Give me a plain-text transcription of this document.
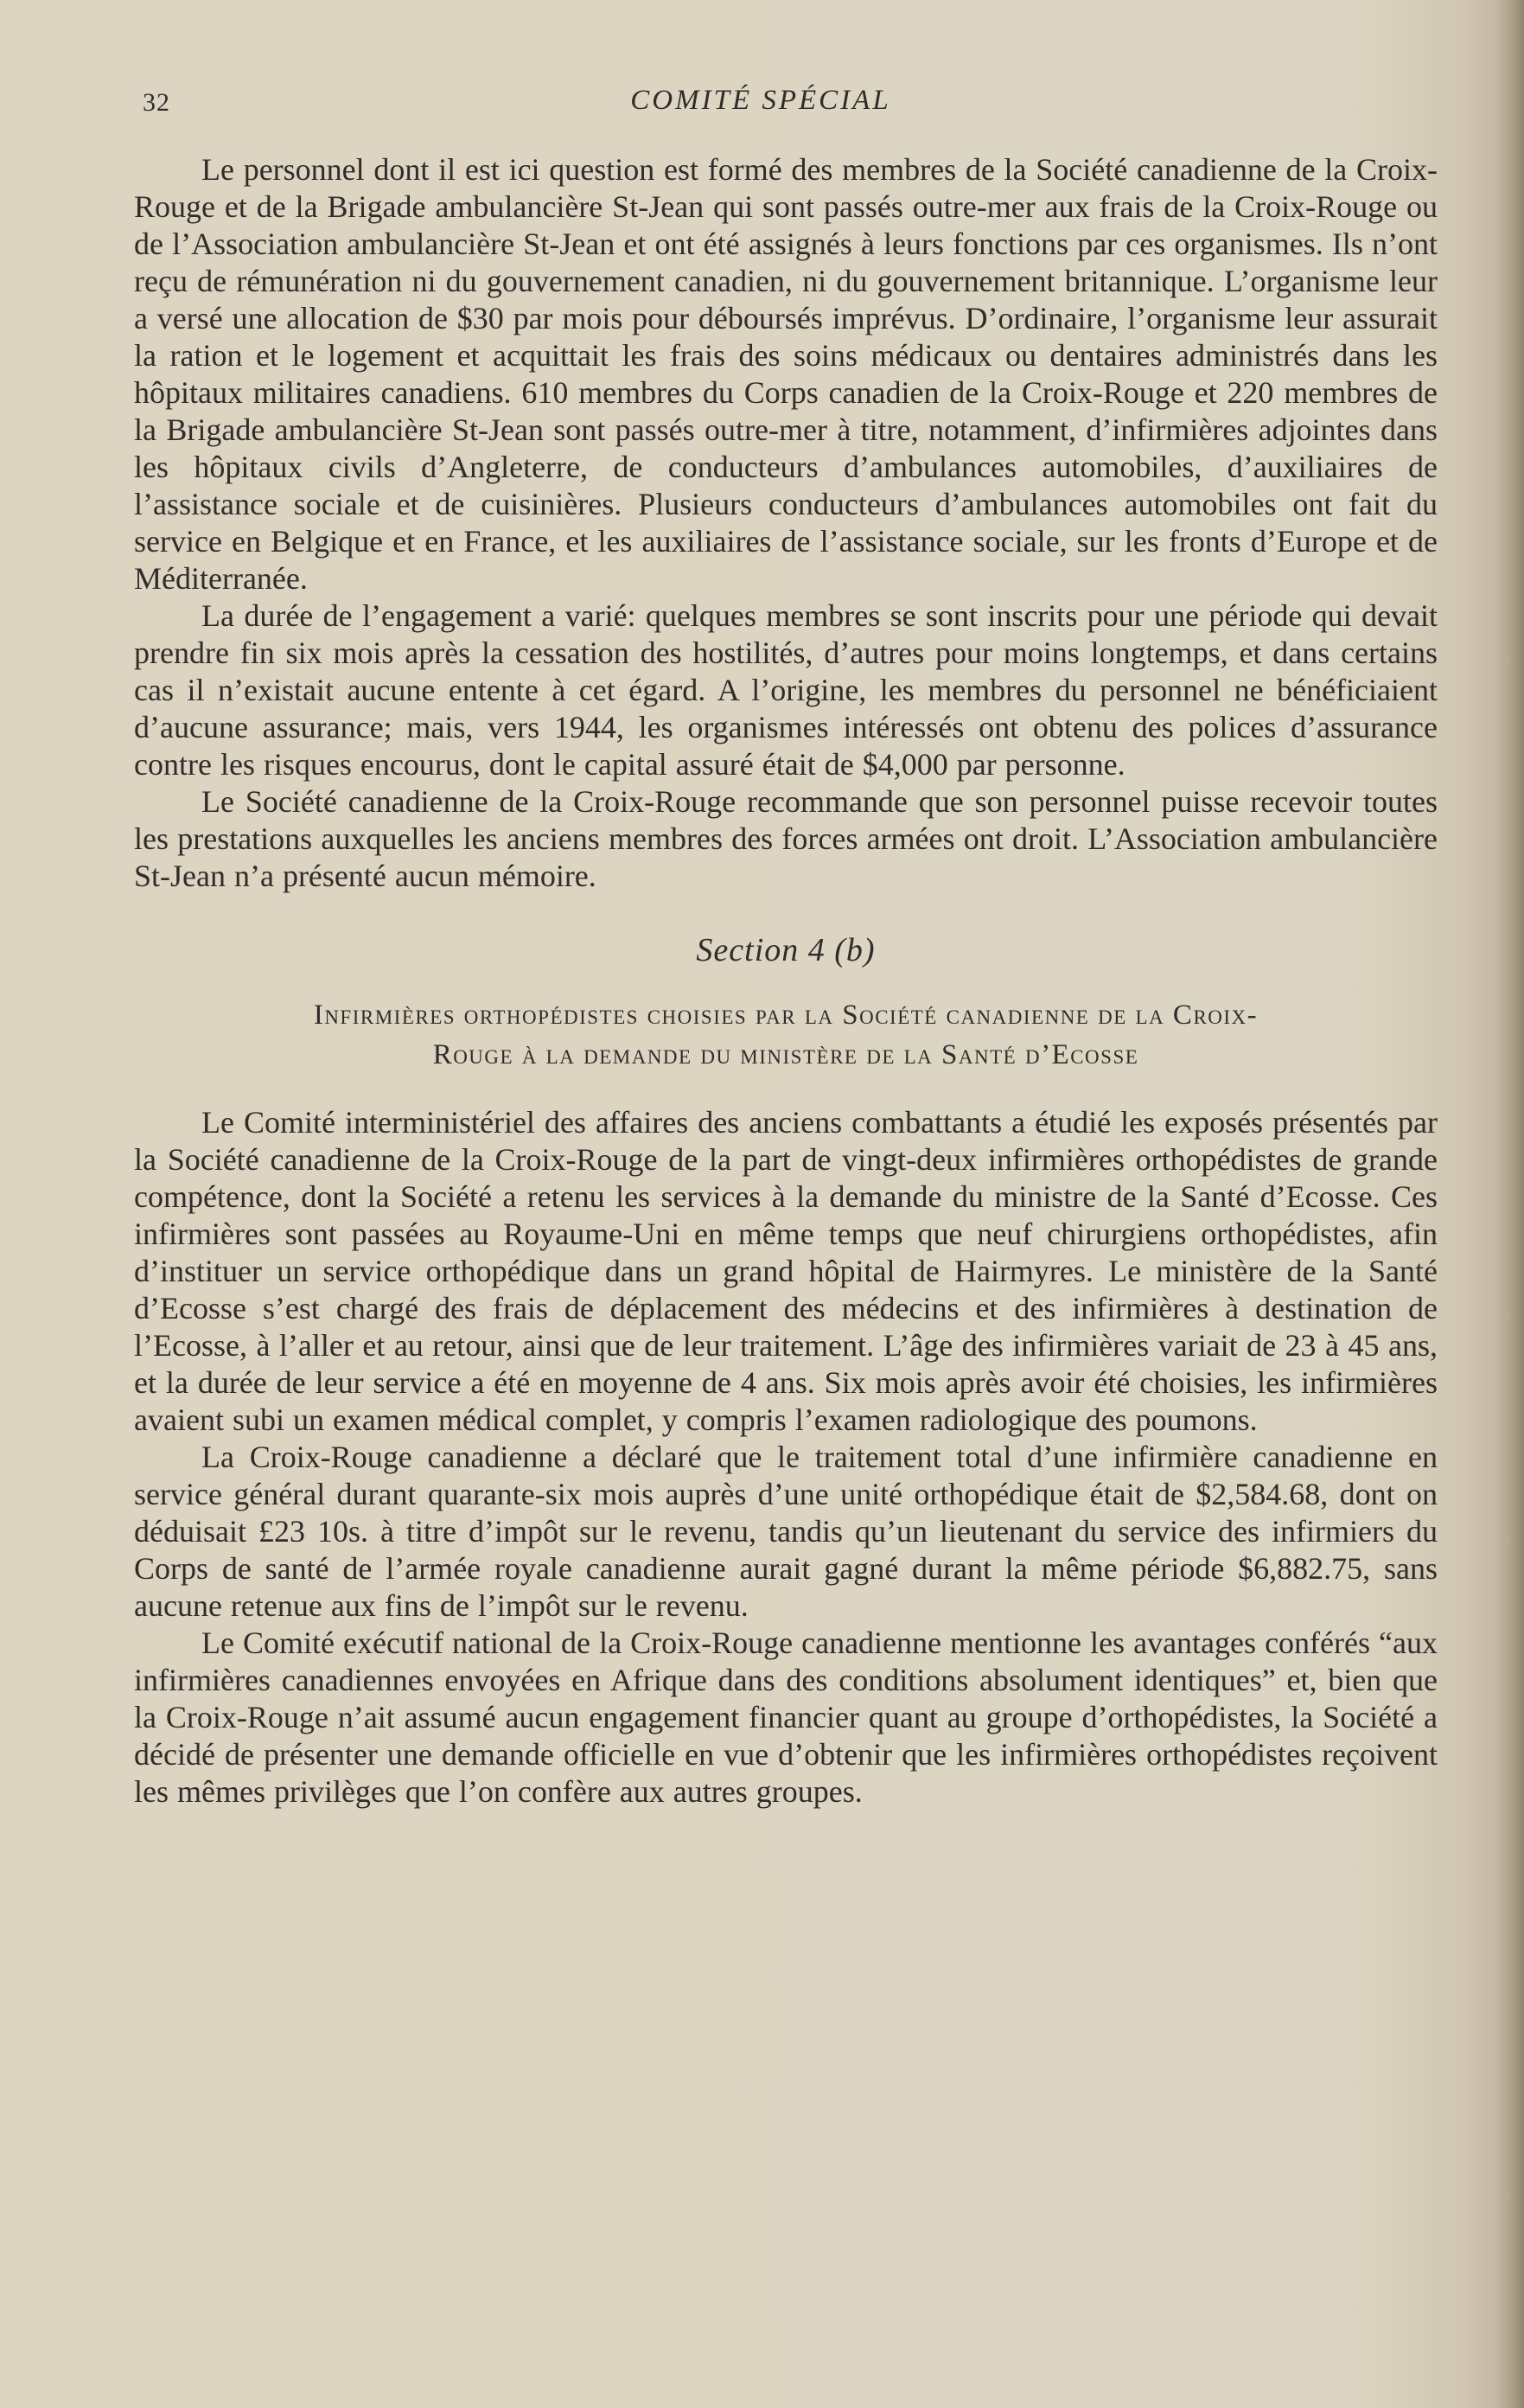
32	COMITÉ SPÉCIAL

Le personnel dont il est ici question est formé des membres de la Société canadienne de la Croix-Rouge et de la Brigade ambulancière St-Jean qui sont passés outre-mer aux frais de la Croix-Rouge ou de l’Association ambulancière St-Jean et ont été assignés à leurs fonctions par ces organismes. Ils n’ont reçu de rémunération ni du gouvernement canadien, ni du gouvernement britannique. L’organisme leur a versé une allocation de $30 par mois pour déboursés imprévus. D’ordinaire, l’organisme leur assurait la ration et le logement et acquittait les frais des soins médicaux ou dentaires administrés dans les hôpitaux militaires canadiens. 610 membres du Corps canadien de la Croix-Rouge et 220 membres de la Brigade ambulancière St-Jean sont passés outre-mer à titre, notamment, d’infirmières adjointes dans les hôpitaux civils d’Angleterre, de conducteurs d’ambulances automobiles, d’auxiliaires de l’assistance sociale et de cuisinières. Plusieurs conducteurs d’ambulances automobiles ont fait du service en Belgique et en France, et les auxiliaires de l’assistance sociale, sur les fronts d’Europe et de Méditerranée.

La durée de l’engagement a varié: quelques membres se sont inscrits pour une période qui devait prendre fin six mois après la cessation des hostilités, d’autres pour moins longtemps, et dans certains cas il n’existait aucune entente à cet égard. A l’origine, les membres du personnel ne bénéficiaient d’aucune assurance; mais, vers 1944, les organismes intéressés ont obtenu des polices d’assurance contre les risques encourus, dont le capital assuré était de $4,000 par personne.

Le Société canadienne de la Croix-Rouge recommande que son personnel puisse recevoir toutes les prestations auxquelles les anciens membres des forces armées ont droit. L’Association ambulancière St-Jean n’a présenté aucun mémoire.

Section 4 (b)
Infirmières orthopédistes choisies par la Société canadienne de la Croix-
Rouge à la demande du ministère de la Santé d’Ecosse

Le Comité interministériel des affaires des anciens combattants a étudié les exposés présentés par la Société canadienne de la Croix-Rouge de la part de vingt-deux infirmières orthopédistes de grande compétence, dont la Société a retenu les services à la demande du ministre de la Santé d’Ecosse. Ces infirmières sont passées au Royaume-Uni en même temps que neuf chirurgiens orthopédistes, afin d’instituer un service orthopédique dans un grand hôpital de Hairmyres. Le ministère de la Santé d’Ecosse s’est chargé des frais de déplacement des médecins et des infirmières à destination de l’Ecosse, à l’aller et au retour, ainsi que de leur traitement. L’âge des infirmières variait de 23 à 45 ans, et la durée de leur service a été en moyenne de 4 ans. Six mois après avoir été choisies, les infirmières avaient subi un examen médical complet, y compris l’examen radiologique des poumons.

La Croix-Rouge canadienne a déclaré que le traitement total d’une infirmière canadienne en service général durant quarante-six mois auprès d’une unité orthopédique était de $2,584.68, dont on déduisait £23 10s. à titre d’impôt sur le revenu, tandis qu’un lieutenant du service des infirmiers du Corps de santé de l’armée royale canadienne aurait gagné durant la même période $6,882.75, sans aucune retenue aux fins de l’impôt sur le revenu.

Le Comité exécutif national de la Croix-Rouge canadienne mentionne les avantages conférés “aux infirmières canadiennes envoyées en Afrique dans des conditions absolument identiques” et, bien que la Croix-Rouge n’ait assumé aucun engagement financier quant au groupe d’orthopédistes, la Société a décidé de présenter une demande officielle en vue d’obtenir que les infirmières orthopédistes reçoivent les mêmes privilèges que l’on confère aux autres groupes.
